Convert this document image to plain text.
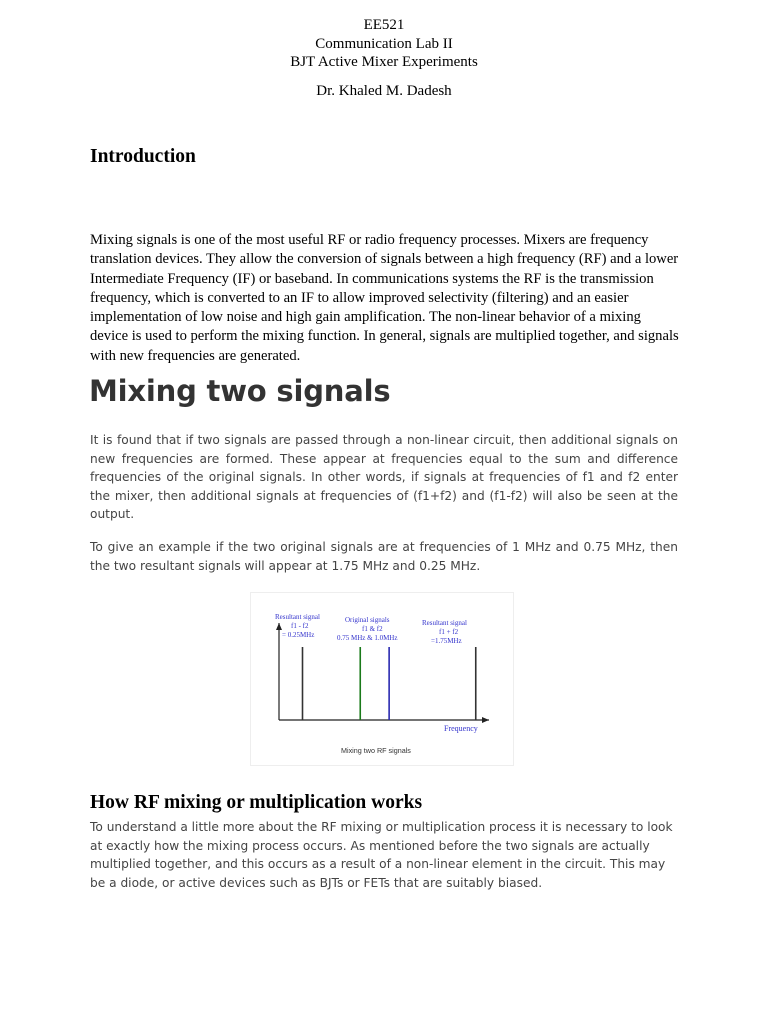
EE521
Communication Lab II
BJT Active Mixer Experiments
Dr. Khaled M. Dadesh
Introduction

Mixing signals is one of the most useful RF or radio frequency processes. Mixers are frequency translation devices. They allow the conversion of signals between a high frequency (RF) and a lower Intermediate Frequency (IF) or baseband. In communications systems the RF is the transmission frequency, which is converted to an IF to allow improved selectivity (filtering) and an easier implementation of low noise and high gain amplification. The non-linear behavior of a mixing device is used to perform the mixing function. In general, signals are multiplied together, and signals with new frequencies are generated.

Mixing two signals

It is found that if two signals are passed through a non-linear circuit, then additional signals on new frequencies are formed. These appear at frequencies equal to the sum and difference frequencies of the original signals. In other words, if signals at frequencies of f1 and f2 enter the mixer, then additional signals at frequencies of (f1+f2) and (f1-f2) will also be seen at the output.

To give an example if the two original signals are at frequencies of 1 MHz and 0.75 MHz, then the two resultant signals will appear at 1.75 MHz and 0.25 MHz.

Resultant signal
f1 - f2
= 0.25MHz
Original signals
f1 & f2
0.75 MHz & 1.0MHz
Resultant signal
f1 + f2
=1.75MHz
Frequency
Mixing two RF signals
How RF mixing or multiplication works

To understand a little more about the RF mixing or multiplication process it is necessary to look at exactly how the mixing process occurs. As mentioned before the two signals are actually multiplied together, and this occurs as a result of a non-linear element in the circuit. This may be a diode, or active devices such as BJTs or FETs that are suitably biased.
